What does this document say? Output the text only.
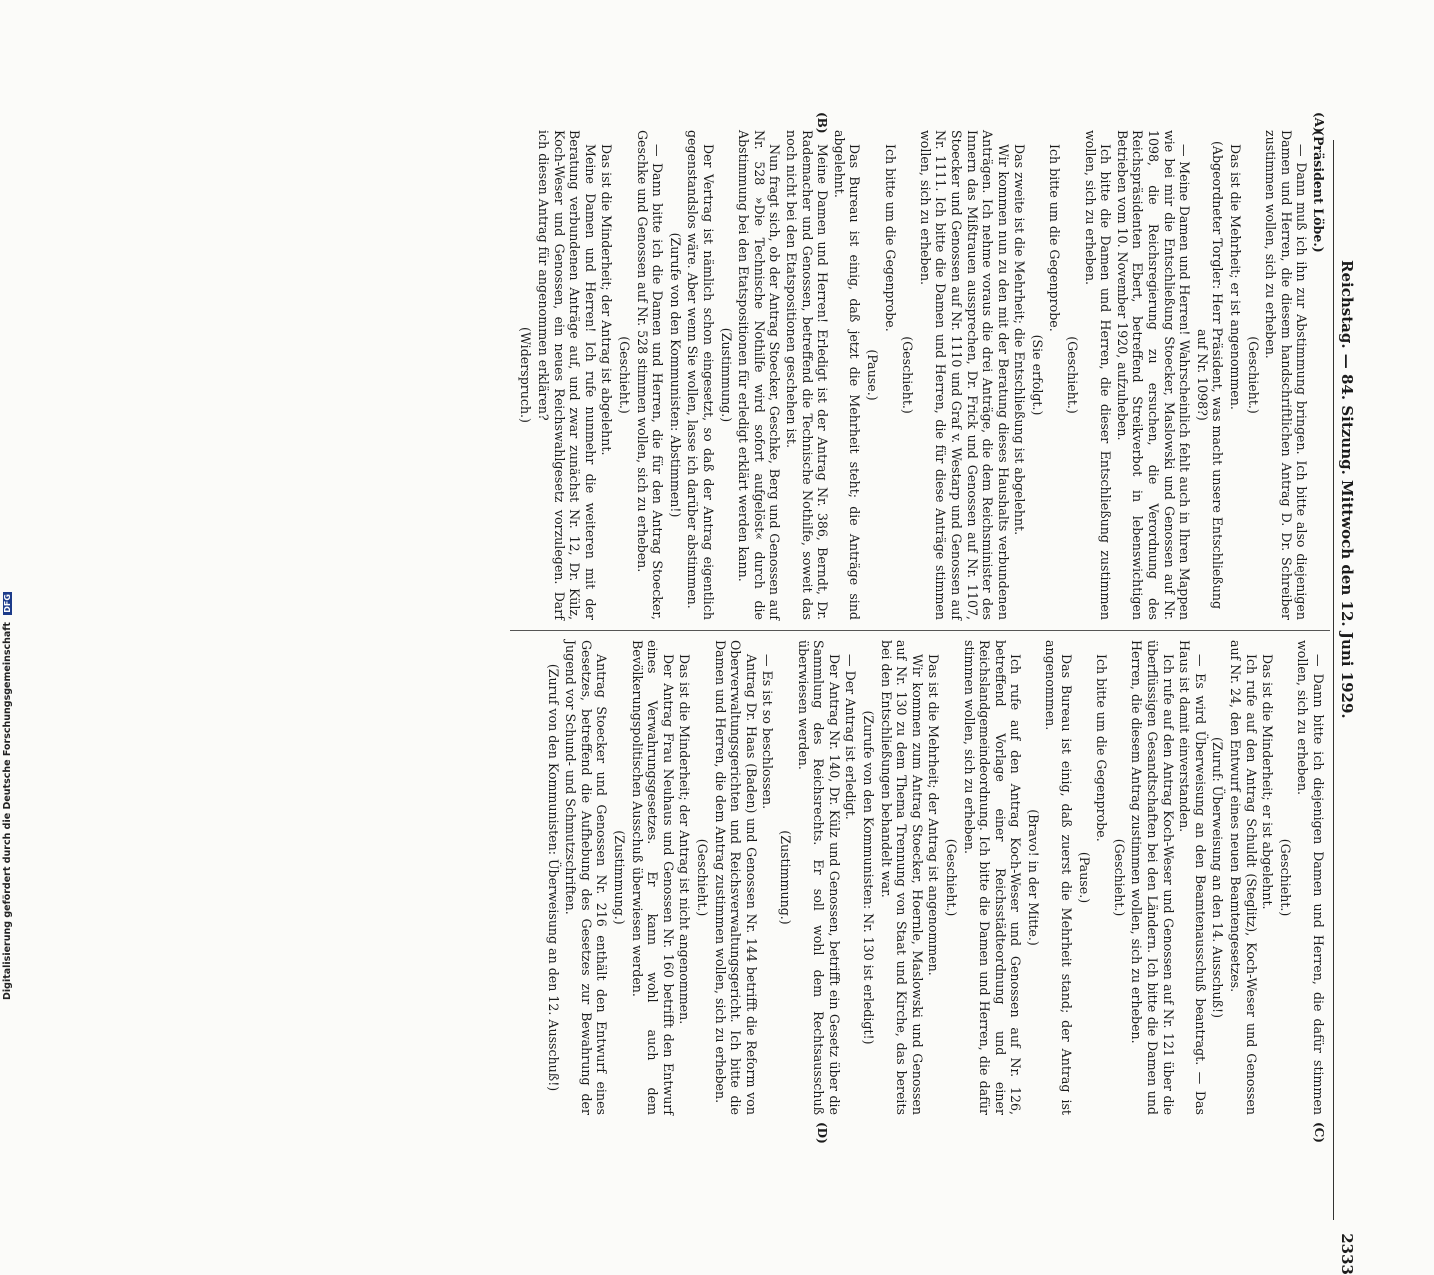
Reichstag. — 84. Sitzung. Mittwoch den 12. Juni 1929.
2333
(A)
(B)
(C)
(D)

(Präsident Löbe.)

— Dann muß ich ihn zur Abstimmung bringen. Ich bitte also diejenigen Damen und Herren, die diesem handschriftlichen Antrag D. Dr. Schreiber zustimmen wollen, sich zu erheben.

(Geschieht.)

Das ist die Mehrheit; er ist angenommen.

(Abgeordneter Torgler: Herr Präsident, was macht unsere Entschließung auf Nr. 1098?)

— Meine Damen und Herren! Wahrscheinlich fehlt auch in Ihren Mappen wie bei mir die Entschließung Stoecker, Maslowski und Genossen auf Nr. 1098, die Reichsregierung zu ersuchen, die Verordnung des Reichspräsidenten Ebert, betreffend Streikverbot in lebenswichtigen Betrieben vom 10. November 1920, aufzuheben.

Ich bitte die Damen und Herren, die dieser Entschließung zustimmen wollen, sich zu erheben.

(Geschieht.)

Ich bitte um die Gegenprobe.

(Sie erfolgt.)

Das zweite ist die Mehrheit; die Entschließung ist abgelehnt.

Wir kommen nun zu den mit der Beratung dieses Haushalts verbundenen Anträgen. Ich nehme voraus die drei Anträge, die dem Reichsminister des Innern das Mißtrauen aussprechen, Dr. Frick und Genossen auf Nr. 1107, Stoecker und Genossen auf Nr. 1110 und Graf v. Westarp und Genossen auf Nr. 1111. Ich bitte die Damen und Herren, die für diese Anträge stimmen wollen, sich zu erheben.

(Geschieht.)

Ich bitte um die Gegenprobe.

(Pause.)

Das Bureau ist einig, daß jetzt die Mehrheit steht; die Anträge sind abgelehnt.

Meine Damen und Herren! Erledigt ist der Antrag Nr. 386, Berndt, Dr. Rademacher und Genossen, betreffend die Technische Nothilfe, soweit das noch nicht bei den Etatspositionen geschehen ist.

Nun fragt sich, ob der Antrag Stoecker, Geschke, Berg und Genossen auf Nr. 528 »Die Technische Nothilfe wird sofort aufgelöst« durch die Abstimmung bei den Etatspositionen für erledigt erklärt werden kann.

(Zustimmung.)

Der Vertrag ist nämlich schon eingesetzt, so daß der Antrag eigentlich gegenstandslos wäre. Aber wenn Sie wollen, lasse ich darüber abstimmen.

(Zurufe von den Kommunisten: Abstimmen!)

— Dann bitte ich die Damen und Herren, die für den Antrag Stoecker, Geschke und Genossen auf Nr. 528 stimmen wollen, sich zu erheben.

(Geschieht.)

Das ist die Minderheit; der Antrag ist abgelehnt.

Meine Damen und Herren! Ich rufe nunmehr die weiteren mit der Beratung verbundenen Anträge auf, und zwar zunächst Nr. 12, Dr. Külz, Koch-Weser und Genossen, ein neues Reichswahlgesetz vorzulegen. Darf ich diesen Antrag für angenommen erklären?

(Widerspruch.)

— Dann bitte ich diejenigen Damen und Herren, die dafür stimmen wollen, sich zu erheben.

(Geschieht.)

Das ist die Minderheit; er ist abgelehnt.

Ich rufe auf den Antrag Schuldt (Steglitz), Koch-Weser und Genossen auf Nr. 24, den Entwurf eines neuen Beamtengesetzes.

(Zuruf: Überweisung an den 14. Ausschuß!)

— Es wird Überweisung an den Beamtenausschuß beantragt. — Das Haus ist damit einverstanden.

Ich rufe auf den Antrag Koch-Weser und Genossen auf Nr. 121 über die überflüssigen Gesandtschaften bei den Ländern. Ich bitte die Damen und Herren, die diesem Antrag zustimmen wollen, sich zu erheben.

(Geschieht.)

Ich bitte um die Gegenprobe.

(Pause.)

Das Bureau ist einig, daß zuerst die Mehrheit stand; der Antrag ist angenommen.

(Bravo! in der Mitte.)

Ich rufe auf den Antrag Koch-Weser und Genossen auf Nr. 126, betreffend Vorlage einer Reichsstädteordnung und einer Reichslandgemeindeordnung. Ich bitte die Damen und Herren, die dafür stimmen wollen, sich zu erheben.

(Geschieht.)

Das ist die Mehrheit; der Antrag ist angenommen.

Wir kommen zum Antrag Stoecker, Hoernle, Maslowski und Genossen auf Nr. 130 zu dem Thema Trennung von Staat und Kirche, das bereits bei den Entschließungen behandelt war.

(Zurufe von den Kommunisten: Nr. 130 ist erledigt!)

— Der Antrag ist erledigt.

Der Antrag Nr. 140, Dr. Külz und Genossen, betrifft ein Gesetz über die Sammlung des Reichsrechts. Er soll wohl dem Rechtsausschuß überwiesen werden.

(Zustimmung.)

— Es ist so beschlossen.

Antrag Dr. Haas (Baden) und Genossen Nr. 144 betrifft die Reform von Oberverwaltungsgerichten und Reichsverwaltungsgericht. Ich bitte die Damen und Herren, die dem Antrag zustimmen wollen, sich zu erheben.

(Geschieht.)

Das ist die Minderheit; der Antrag ist nicht angenommen.

Der Antrag Frau Neuhaus und Genossen Nr. 160 betrifft den Entwurf eines Verwahrungsgesetzes. Er kann wohl auch dem Bevölkerungspolitischen Ausschuß überwiesen werden.

(Zustimmung.)

Antrag Stoecker und Genossen Nr. 216 enthält den Entwurf eines Gesetzes, betreffend die Aufhebung des Gesetzes zur Bewahrung der Jugend vor Schund- und Schmutzschriften.

(Zuruf von den Kommunisten: Überweisung an den 12. Ausschuß!)

Digitalisierung gefördert durch die Deutsche Forschungsgemeinschaft DFG
